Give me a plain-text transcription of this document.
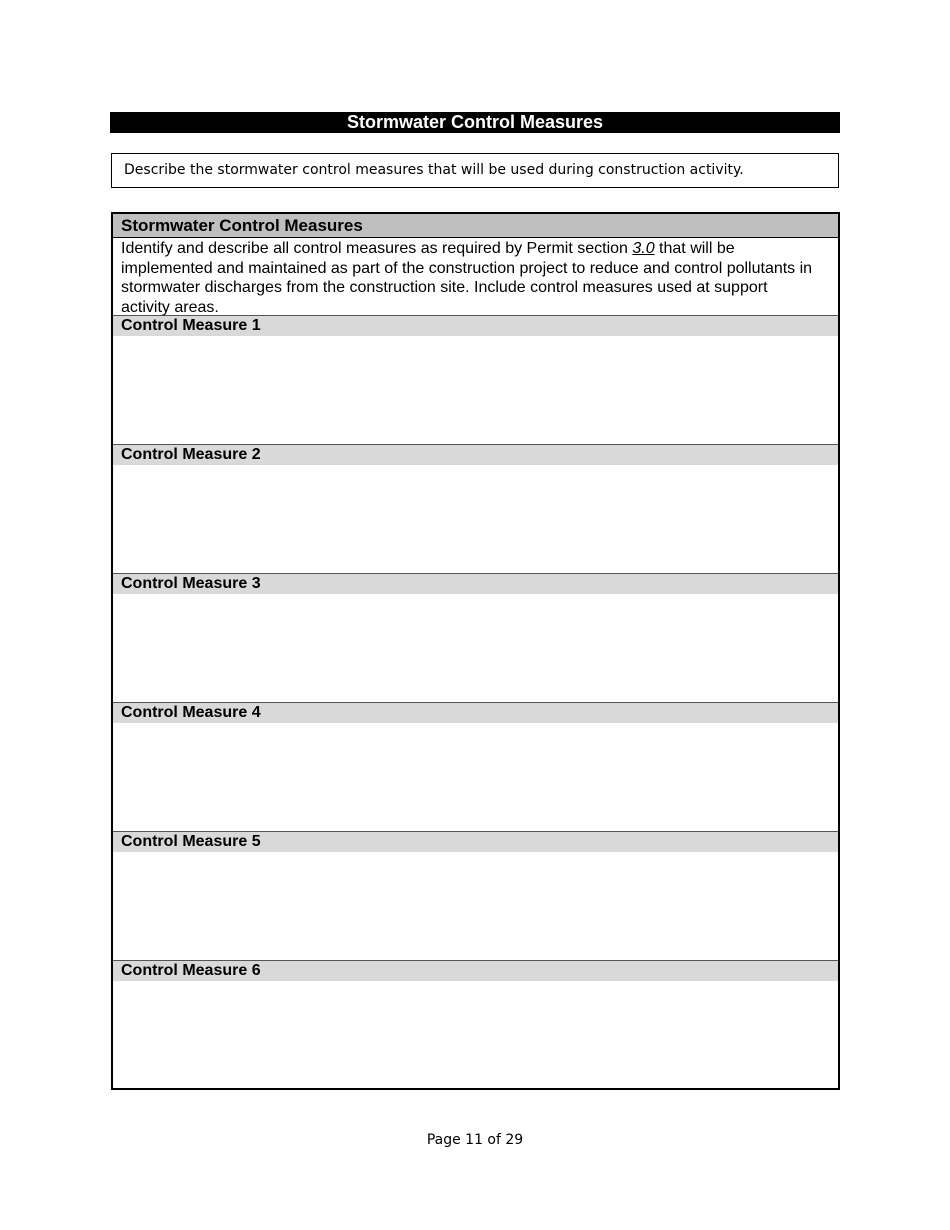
Stormwater Control Measures
Describe the stormwater control measures that will be used during construction activity.
Stormwater Control Measures
Identify and describe all control measures as required by Permit section 3.0 that will be implemented and maintained as part of the construction project to reduce and control pollutants in stormwater discharges from the construction site. Include control measures used at support activity areas.
Control Measure 1
Control Measure 2
Control Measure 3
Control Measure 4
Control Measure 5
Control Measure 6
Page 11 of 29
